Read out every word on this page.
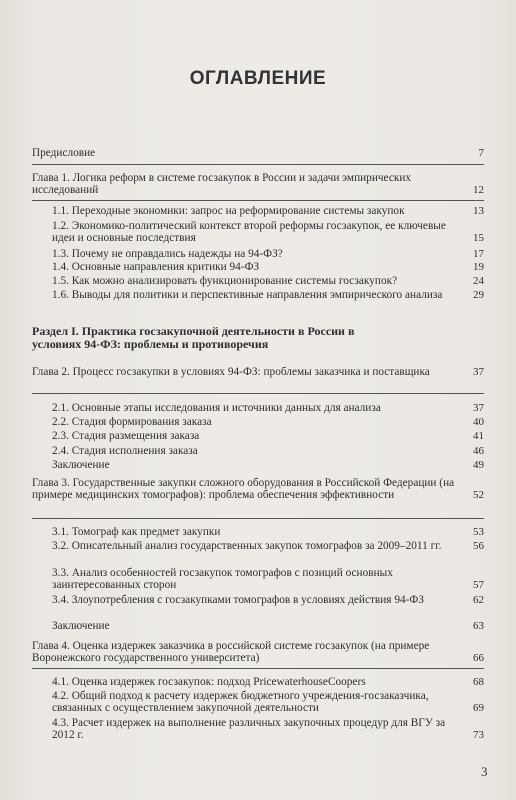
ОГЛАВЛЕНИЕ
Предисловие	7
Глава 1. Логика реформ в системе госзакупок в России и задачи эмпирических исследований	12
1.1. Переходные экономики: запрос на реформирование системы закупок	13
1.2. Экономико-политический контекст второй реформы госзакупок, ее ключевые идеи и основные последствия	15
1.3. Почему не оправдались надежды на 94-ФЗ?	17
1.4. Основные направления критики 94-ФЗ	19
1.5. Как можно анализировать функционирование системы госзакупок?	24
1.6. Выводы для политики и перспективные направления эмпирического анализа	29
Раздел I. Практика госзакупочной деятельности в России в условиях 94-ФЗ: проблемы и противоречия
Глава 2. Процесс госзакупки в условиях 94-ФЗ: проблемы заказчика и поставщика	37
2.1. Основные этапы исследования и источники данных для анализа	37
2.2. Стадия формирования заказа	40
2.3. Стадия размещения заказа	41
2.4. Стадия исполнения заказа	46
Заключение	49
Глава 3. Государственные закупки сложного оборудования в Российской Федерации (на примере медицинских томографов): проблема обеспечения эффективности	52
3.1. Томограф как предмет закупки	53
3.2. Описательный анализ государственных закупок томографов за 2009–2011 гг.	56
3.3. Анализ особенностей госзакупок томографов с позиций основных заинтересованных сторон	57
3.4. Злоупотребления с госзакупками томографов в условиях действия 94-ФЗ	62
Заключение	63
Глава 4. Оценка издержек заказчика в российской системе госзакупок (на примере Воронежского государственного университета)	66
4.1. Оценка издержек госзакупок: подход PricewaterhouseCoopers	68
4.2. Общий подход к расчету издержек бюджетного учреждения-госзаказчика, связанных с осуществлением закупочной деятельности	69
4.3. Расчет издержек на выполнение различных закупочных процедур для ВГУ за 2012 г.	73
3
